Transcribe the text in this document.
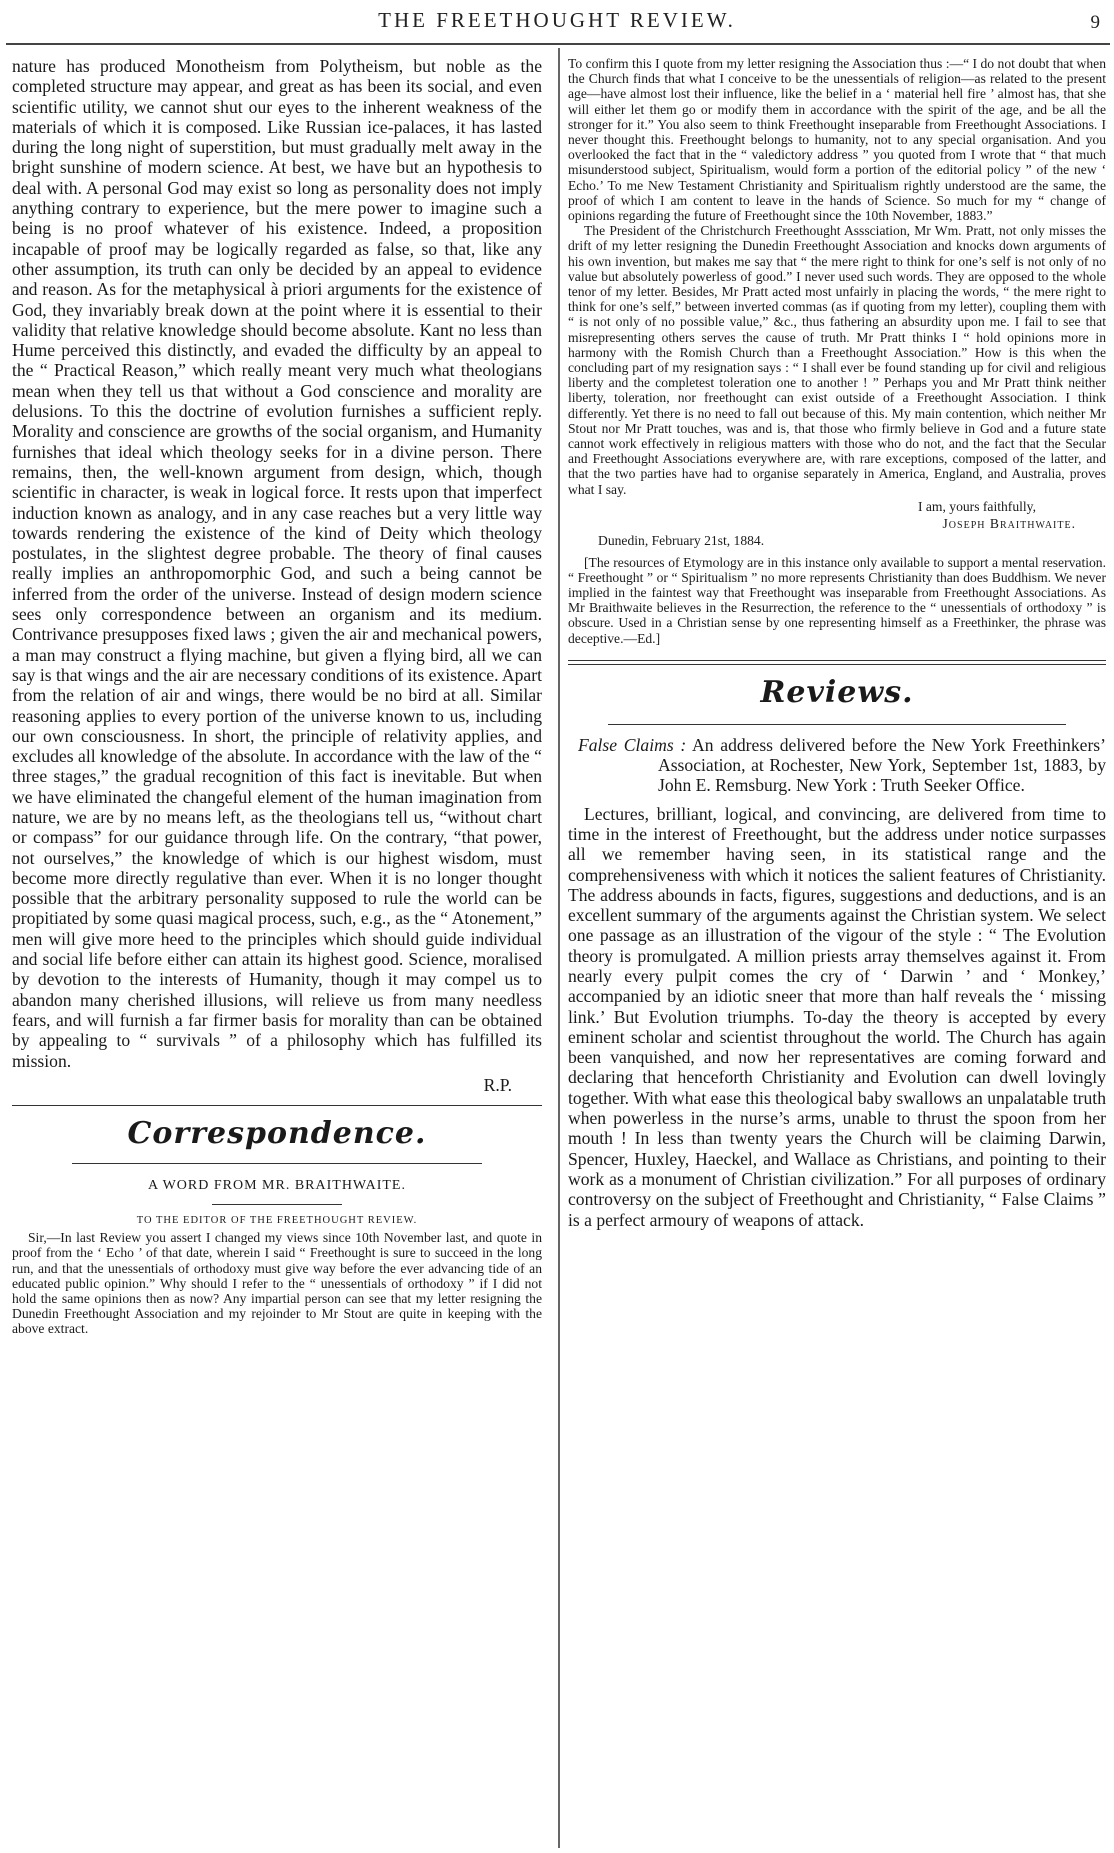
THE FREETHOUGHT REVIEW.	9

nature has produced Monotheism from Polytheism, but noble as the completed structure may appear, and great as has been its social, and even scientific utility, we cannot shut our eyes to the inherent weakness of the materials of which it is composed. Like Russian ice-palaces, it has lasted during the long night of superstition, but must gradually melt away in the bright sunshine of modern science. At best, we have but an hypothesis to deal with. A personal God may exist so long as personality does not imply anything contrary to experience, but the mere power to imagine such a being is no proof whatever of his existence. Indeed, a proposition incapable of proof may be logically regarded as false, so that, like any other assumption, its truth can only be decided by an appeal to evidence and reason. As for the metaphysical à priori arguments for the existence of God, they invariably break down at the point where it is essential to their validity that relative knowledge should become absolute. Kant no less than Hume perceived this distinctly, and evaded the difficulty by an appeal to the “ Practical Reason,” which really meant very much what theologians mean when they tell us that without a God conscience and morality are delusions. To this the doctrine of evolution furnishes a sufficient reply. Morality and conscience are growths of the social organism, and Humanity furnishes that ideal which theology seeks for in a divine person. There remains, then, the well-known argument from design, which, though scientific in character, is weak in logical force. It rests upon that imperfect induction known as analogy, and in any case reaches but a very little way towards rendering the existence of the kind of Deity which theology postulates, in the slightest degree probable. The theory of final causes really implies an anthropomorphic God, and such a being cannot be inferred from the order of the universe. Instead of design modern science sees only correspondence between an organism and its medium. Contrivance presupposes fixed laws ; given the air and mechanical powers, a man may construct a flying machine, but given a flying bird, all we can say is that wings and the air are necessary conditions of its existence. Apart from the relation of air and wings, there would be no bird at all. Similar reasoning applies to every portion of the universe known to us, including our own consciousness. In short, the principle of relativity applies, and excludes all knowledge of the absolute. In accordance with the law of the “ three stages,” the gradual recognition of this fact is inevitable. But when we have eliminated the changeful element of the human imagination from nature, we are by no means left, as the theologians tell us, “without chart or compass” for our guidance through life. On the contrary, “that power, not ourselves,” the knowledge of which is our highest wisdom, must become more directly regulative than ever. When it is no longer thought possible that the arbitrary personality supposed to rule the world can be propitiated by some quasi magical process, such, e.g., as the “ Atonement,” men will give more heed to the principles which should guide individual and social life before either can attain its highest good. Science, moralised by devotion to the interests of Humanity, though it may compel us to abandon many cherished illusions, will relieve us from many needless fears, and will furnish a far firmer basis for morality than can be obtained by appealing to “ survivals ” of a philosophy which has fulfilled its mission.

R.P.
Correspondence.
A WORD FROM MR. BRAITHWAITE.
TO THE EDITOR OF THE FREETHOUGHT REVIEW.

Sir,—In last Review you assert I changed my views since 10th November last, and quote in proof from the ‘ Echo ’ of that date, wherein I said “ Freethought is sure to succeed in the long run, and that the unessentials of orthodoxy must give way before the ever advancing tide of an educated public opinion.” Why should I refer to the “ unessentials of orthodoxy ” if I did not hold the same opinions then as now? Any impartial person can see that my letter resigning the Dunedin Freethought Association and my rejoinder to Mr Stout are quite in keeping with the above extract.

To confirm this I quote from my letter resigning the Association thus :—“ I do not doubt that when the Church finds that what I conceive to be the unessentials of religion—as related to the present age—have almost lost their influence, like the belief in a ‘ material hell fire ’ almost has, that she will either let them go or modify them in accordance with the spirit of the age, and be all the stronger for it.” You also seem to think Freethought inseparable from Freethought Associations. I never thought this. Freethought belongs to humanity, not to any special organisation. And you overlooked the fact that in the “ valedictory address ” you quoted from I wrote that “ that much misunderstood subject, Spiritualism, would form a portion of the editorial policy ” of the new ‘ Echo.’ To me New Testament Christianity and Spiritualism rightly understood are the same, the proof of which I am content to leave in the hands of Science. So much for my “ change of opinions regarding the future of Freethought since the 10th November, 1883.”

The President of the Christchurch Freethought Asssciation, Mr Wm. Pratt, not only misses the drift of my letter resigning the Dunedin Freethought Association and knocks down arguments of his own invention, but makes me say that “ the mere right to think for one’s self is not only of no value but absolutely powerless of good.” I never used such words. They are opposed to the whole tenor of my letter. Besides, Mr Pratt acted most unfairly in placing the words, “ the mere right to think for one’s self,” between inverted commas (as if quoting from my letter), coupling them with “ is not only of no possible value,” &c., thus fathering an absurdity upon me. I fail to see that misrepresenting others serves the cause of truth. Mr Pratt thinks I “ hold opinions more in harmony with the Romish Church than a Freethought Association.” How is this when the concluding part of my resignation says : “ I shall ever be found standing up for civil and religious liberty and the completest toleration one to another ! ” Perhaps you and Mr Pratt think neither liberty, toleration, nor freethought can exist outside of a Freethought Association. I think differently. Yet there is no need to fall out because of this. My main contention, which neither Mr Stout nor Mr Pratt touches, was and is, that those who firmly believe in God and a future state cannot work effectively in religious matters with those who do not, and the fact that the Secular and Freethought Associations everywhere are, with rare exceptions, composed of the latter, and that the two parties have had to organise separately in America, England, and Australia, proves what I say.

I am, yours faithfully,
Joseph Braithwaite.
Dunedin, February 21st, 1884.

[The resources of Etymology are in this instance only available to support a mental reservation. “ Freethought ” or “ Spiritualism ” no more represents Christianity than does Buddhism. We never implied in the faintest way that Freethought was inseparable from Freethought Associations. As Mr Braithwaite believes in the Resurrection, the reference to the “ unessentials of orthodoxy ” is obscure. Used in a Christian sense by one representing himself as a Freethinker, the phrase was deceptive.—Ed.]

Reviews.

False Claims : An address delivered before the New York Freethinkers’ Association, at Rochester, New York, September 1st, 1883, by John E. Remsburg. New York : Truth Seeker Office.

Lectures, brilliant, logical, and convincing, are delivered from time to time in the interest of Freethought, but the address under notice surpasses all we remember having seen, in its statistical range and the comprehensiveness with which it notices the salient features of Christianity. The address abounds in facts, figures, suggestions and deductions, and is an excellent summary of the arguments against the Christian system. We select one passage as an illustration of the vigour of the style : “ The Evolution theory is promulgated. A million priests array themselves against it. From nearly every pulpit comes the cry of ‘ Darwin ’ and ‘ Monkey,’ accompanied by an idiotic sneer that more than half reveals the ‘ missing link.’ But Evolution triumphs. To-day the theory is accepted by every eminent scholar and scientist throughout the world. The Church has again been vanquished, and now her representatives are coming forward and declaring that henceforth Christianity and Evolution can dwell lovingly together. With what ease this theological baby swallows an unpalatable truth when powerless in the nurse’s arms, unable to thrust the spoon from her mouth ! In less than twenty years the Church will be claiming Darwin, Spencer, Huxley, Haeckel, and Wallace as Christians, and pointing to their work as a monument of Christian civilization.” For all purposes of ordinary controversy on the subject of Freethought and Christianity, “ False Claims ” is a perfect armoury of weapons of attack.
